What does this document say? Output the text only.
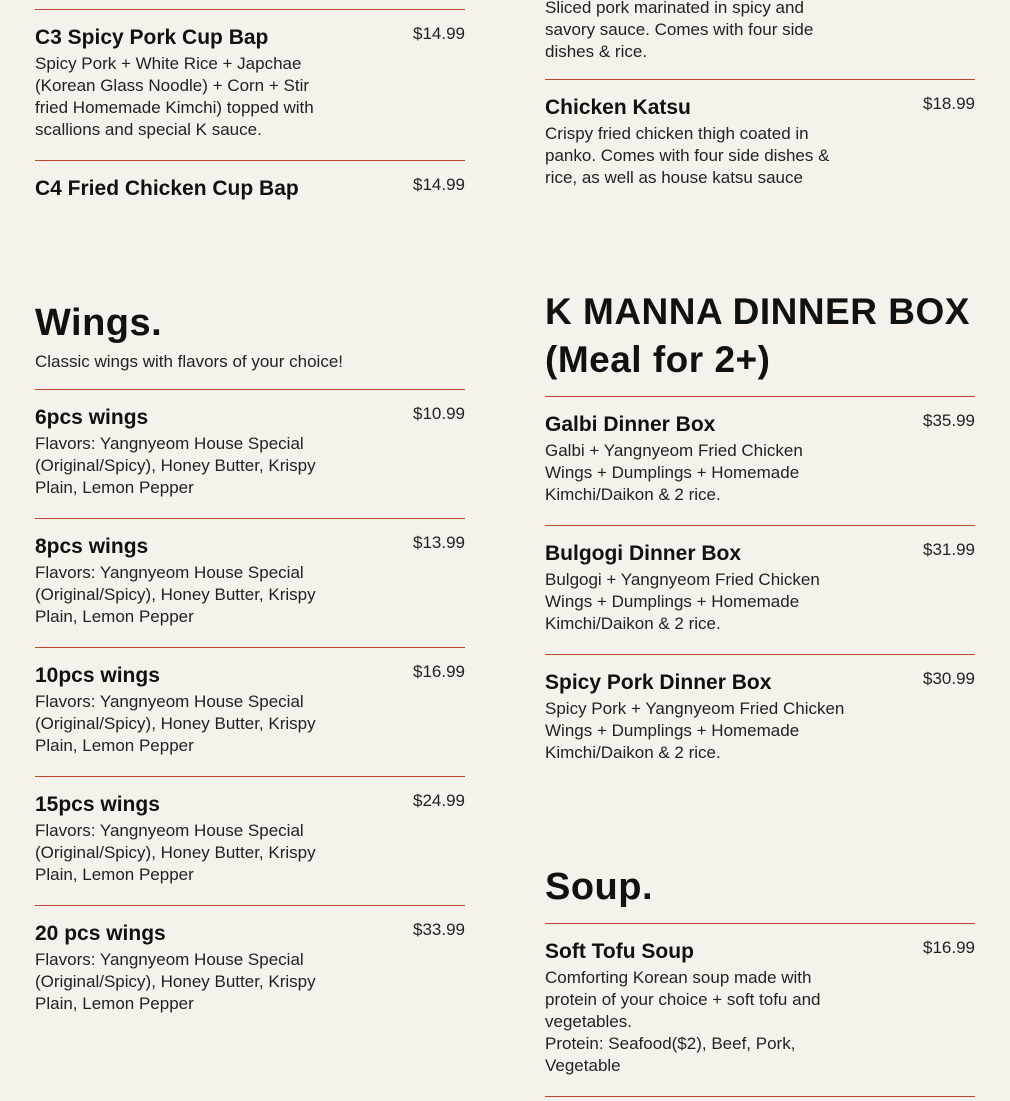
C3 Spicy Pork Cup Bap	$14.99
Spicy Pork + White Rice + Japchae
(Korean Glass Noodle) + Corn + Stir
fried Homemade Kimchi) topped with
scallions and special K sauce.
C4 Fried Chicken Cup Bap	$14.99
Wings.
Classic wings with flavors of your choice!
6pcs wings	$10.99
Flavors: Yangnyeom House Special
(Original/Spicy), Honey Butter, Krispy
Plain, Lemon Pepper
8pcs wings	$13.99
Flavors: Yangnyeom House Special
(Original/Spicy), Honey Butter, Krispy
Plain, Lemon Pepper
10pcs wings	$16.99
Flavors: Yangnyeom House Special
(Original/Spicy), Honey Butter, Krispy
Plain, Lemon Pepper
15pcs wings	$24.99
Flavors: Yangnyeom House Special
(Original/Spicy), Honey Butter, Krispy
Plain, Lemon Pepper
20 pcs wings	$33.99
Flavors: Yangnyeom House Special
(Original/Spicy), Honey Butter, Krispy
Plain, Lemon Pepper
Sliced pork marinated in spicy and
savory sauce. Comes with four side
dishes & rice.
Chicken Katsu	$18.99
Crispy fried chicken thigh coated in
panko. Comes with four side dishes &
rice, as well as house katsu sauce
K MANNA DINNER BOX
(Meal for 2+)
Galbi Dinner Box	$35.99
Galbi + Yangnyeom Fried Chicken
Wings + Dumplings + Homemade
Kimchi/Daikon & 2 rice.
Bulgogi Dinner Box	$31.99
Bulgogi + Yangnyeom Fried Chicken
Wings + Dumplings + Homemade
Kimchi/Daikon & 2 rice.
Spicy Pork Dinner Box	$30.99
Spicy Pork + Yangnyeom Fried Chicken
Wings + Dumplings + Homemade
Kimchi/Daikon & 2 rice.
Soup.
Soft Tofu Soup	$16.99
Comforting Korean soup made with
protein of your choice + soft tofu and
vegetables.
Protein: Seafood($2), Beef, Pork,
Vegetable
